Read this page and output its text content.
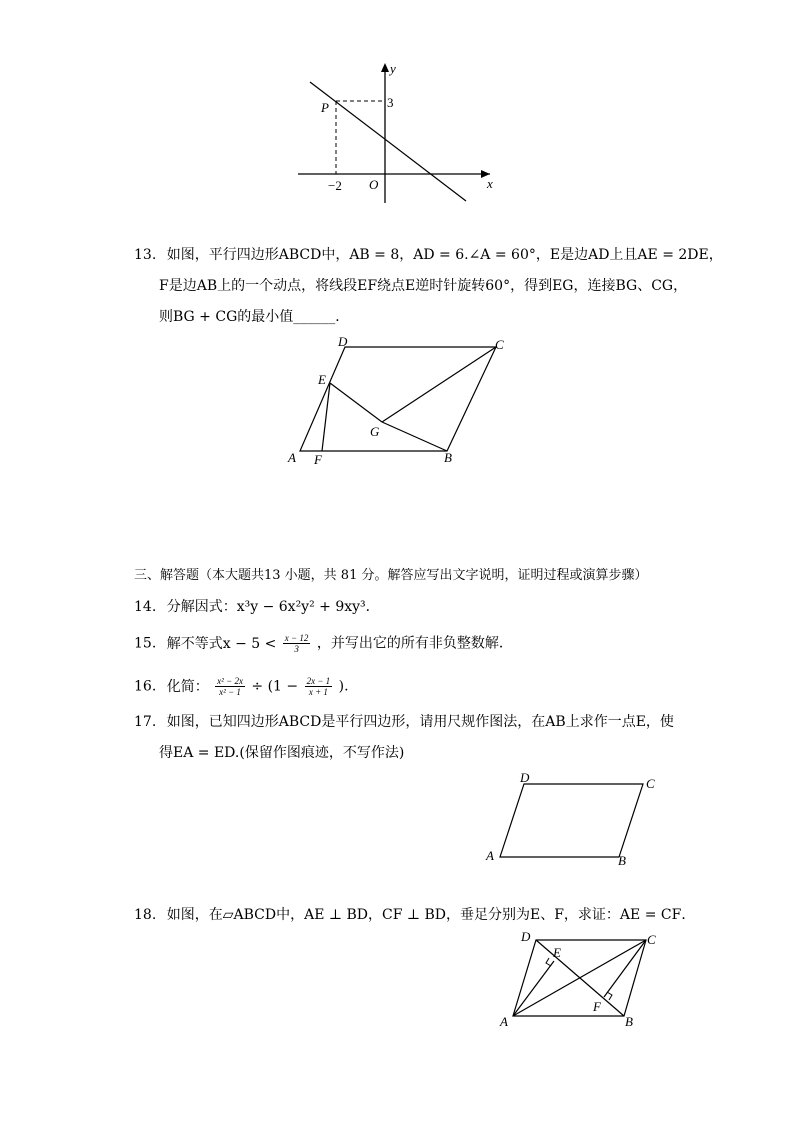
y
x
O
P	3
−2
13. 如图，平行四边形ABCD中，AB = 8，AD = 6.∠A = 60°，E是边AD上且AE = 2DE，
F是边AB上的一个动点，将线段EF绕点E逆时针旋转60°，得到EG，连接BG、CG，
则BG + CG的最小值______．
A F	B
C
D
E
G
三、解答题（本大题共13 小题，共 81 分。解答应写出文字说明，证明过程或演算步骤）
14. 分解因式：x³y − 6x²y² + 9xy³．
15. 解不等式$x - 5 < \frac{x - 12}{3}$ ，并写出它的所有非负整数解．
16. 化简： $\frac{\text{x² − 2x}}{\text{x² − 1}} \div (1 - \frac{2x - 1}{x + 1}$ ).
17. 如图，已知四边形ABCD是平行四边形，请用尺规作图法，在AB上求作一点E，使
得EA = ED.(保留作图痕迹，不写作法)
A	B
C
D
18. 如图，在▱ABCD中，AE ⊥ BD，CF ⊥ BD，垂足分别为E、F，求证：AE = CF．
A	B
C
D
E
F
